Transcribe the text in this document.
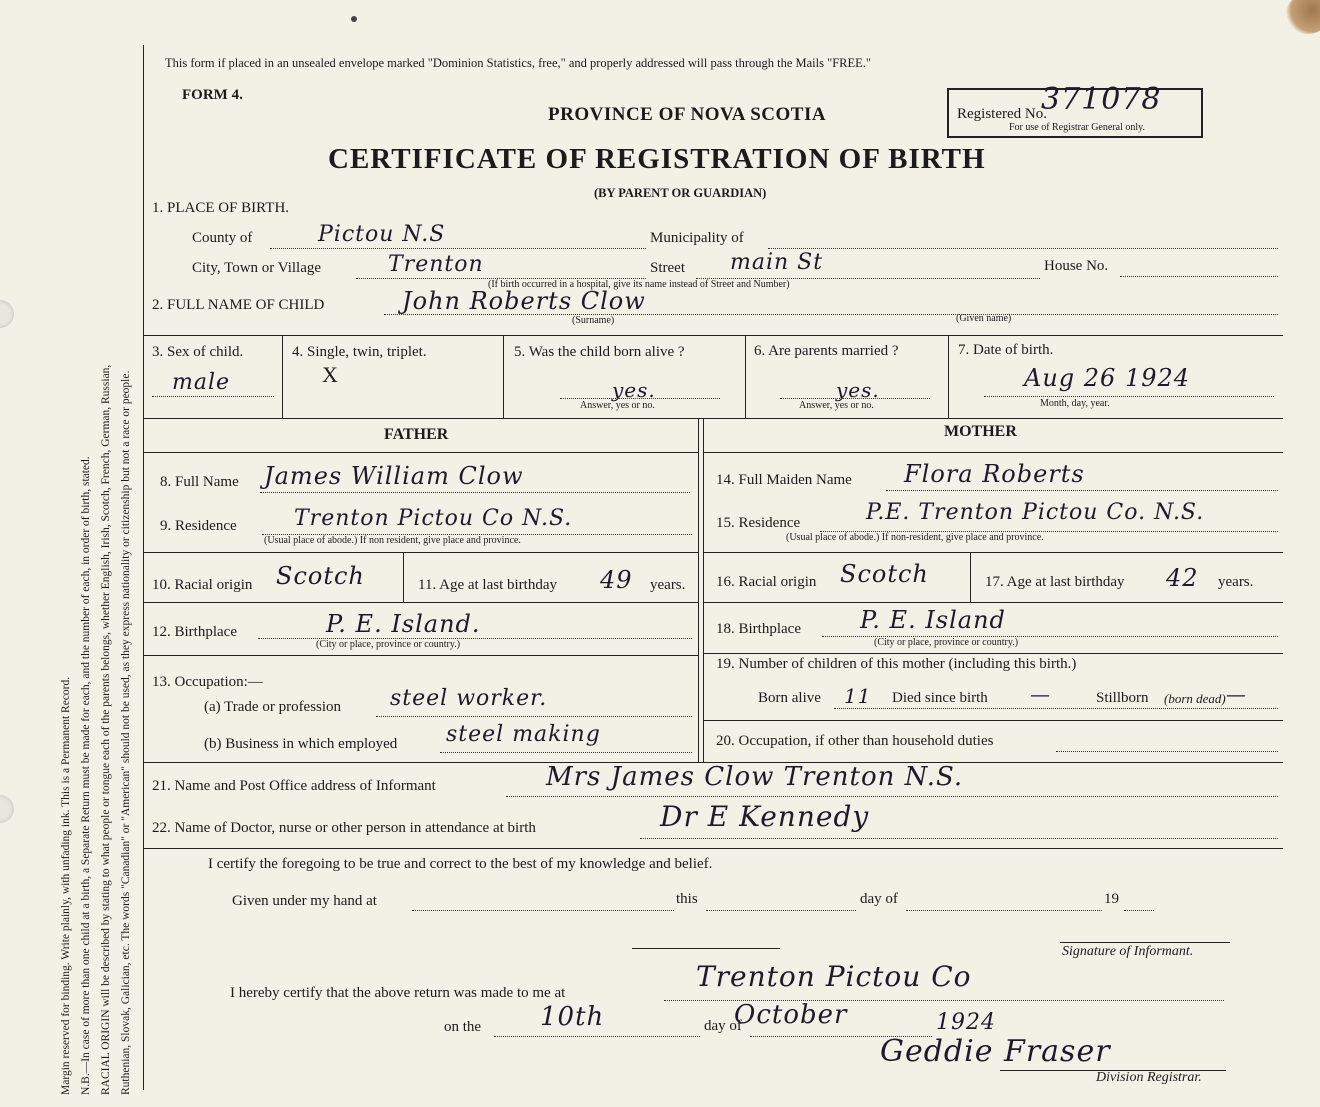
Margin reserved for binding. Write plainly, with unfading ink. This is a Permanent Record. N.B.—In case of more than one child at a birth, a Separate Return must be made for each, and the number of each, in order of birth, stated. RACIAL ORIGIN will be described by stating to what people or tongue each of the parents belongs, whether English, Irish, Scotch, French, German, Russian, Ruthenian, Slovak, Galician, etc. The words "Canadian" or "American" should not be used, as they express nationality or citizenship but not a race or people.
This form if placed in an unsealed envelope marked "Dominion Statistics, free," and properly addressed will pass through the Mails "FREE."
FORM 4.
PROVINCE OF NOVA SCOTIA	Registered No.
371078
For use of Registrar General only.
CERTIFICATE OF REGISTRATION OF BIRTH
(BY PARENT OR GUARDIAN)
1. PLACE OF BIRTH.
County of	Pictou N.S	Municipality of
City, Town or Village	Trenton	Street main St	House No.
(If birth occurred in a hospital, give its name instead of Street and Number)
2. FULL NAME OF CHILD	John Roberts Clow
(Surname)	(Given name)
3. Sex of child.
male
4. Single, twin, triplet.
X
5. Was the child born alive ?
yes.
Answer, yes or no.
6. Are parents married ?
yes.
Answer, yes or no.
7. Date of birth.
Aug 26 1924
Month, day, year.
FATHER	MOTHER
8. Full Name James William Clow
9. Residence	Trenton Pictou Co N.S.
(Usual place of abode.) If non resident, give place and province.
10. Racial origin Scotch	11. Age at last birthday 49 years.
12. Birthplace	P. E. Island.
(City or place, province or country.)
13. Occupation:—
(a) Trade or profession steel worker.
(b) Business in which employed steel making
14. Full Maiden Name Flora Roberts
15. Residence	P.E. Trenton Pictou Co. N.S.
(Usual place of abode.) If non-resident, give place and province.
16. Racial origin Scotch	17. Age at last birthday 42 years.
18. Birthplace P. E. Island
(City or place, province or country.)
19. Number of children of this mother (including this birth.)
Born alive 11 Died since birth —	Stillborn (born dead) —
20. Occupation, if other than household duties
21. Name and Post Office address of Informant	Mrs James Clow Trenton N.S.
22. Name of Doctor, nurse or other person in attendance at birth	Dr E Kennedy
I certify the foregoing to be true and correct to the best of my knowledge and belief.
Given under my hand at	this	day of	19
Signature of Informant.
I hereby certify that the above return was made to me at	Trenton Pictou Co
on the 10th	day of
October	1924
Geddie Fraser
Division Registrar.
